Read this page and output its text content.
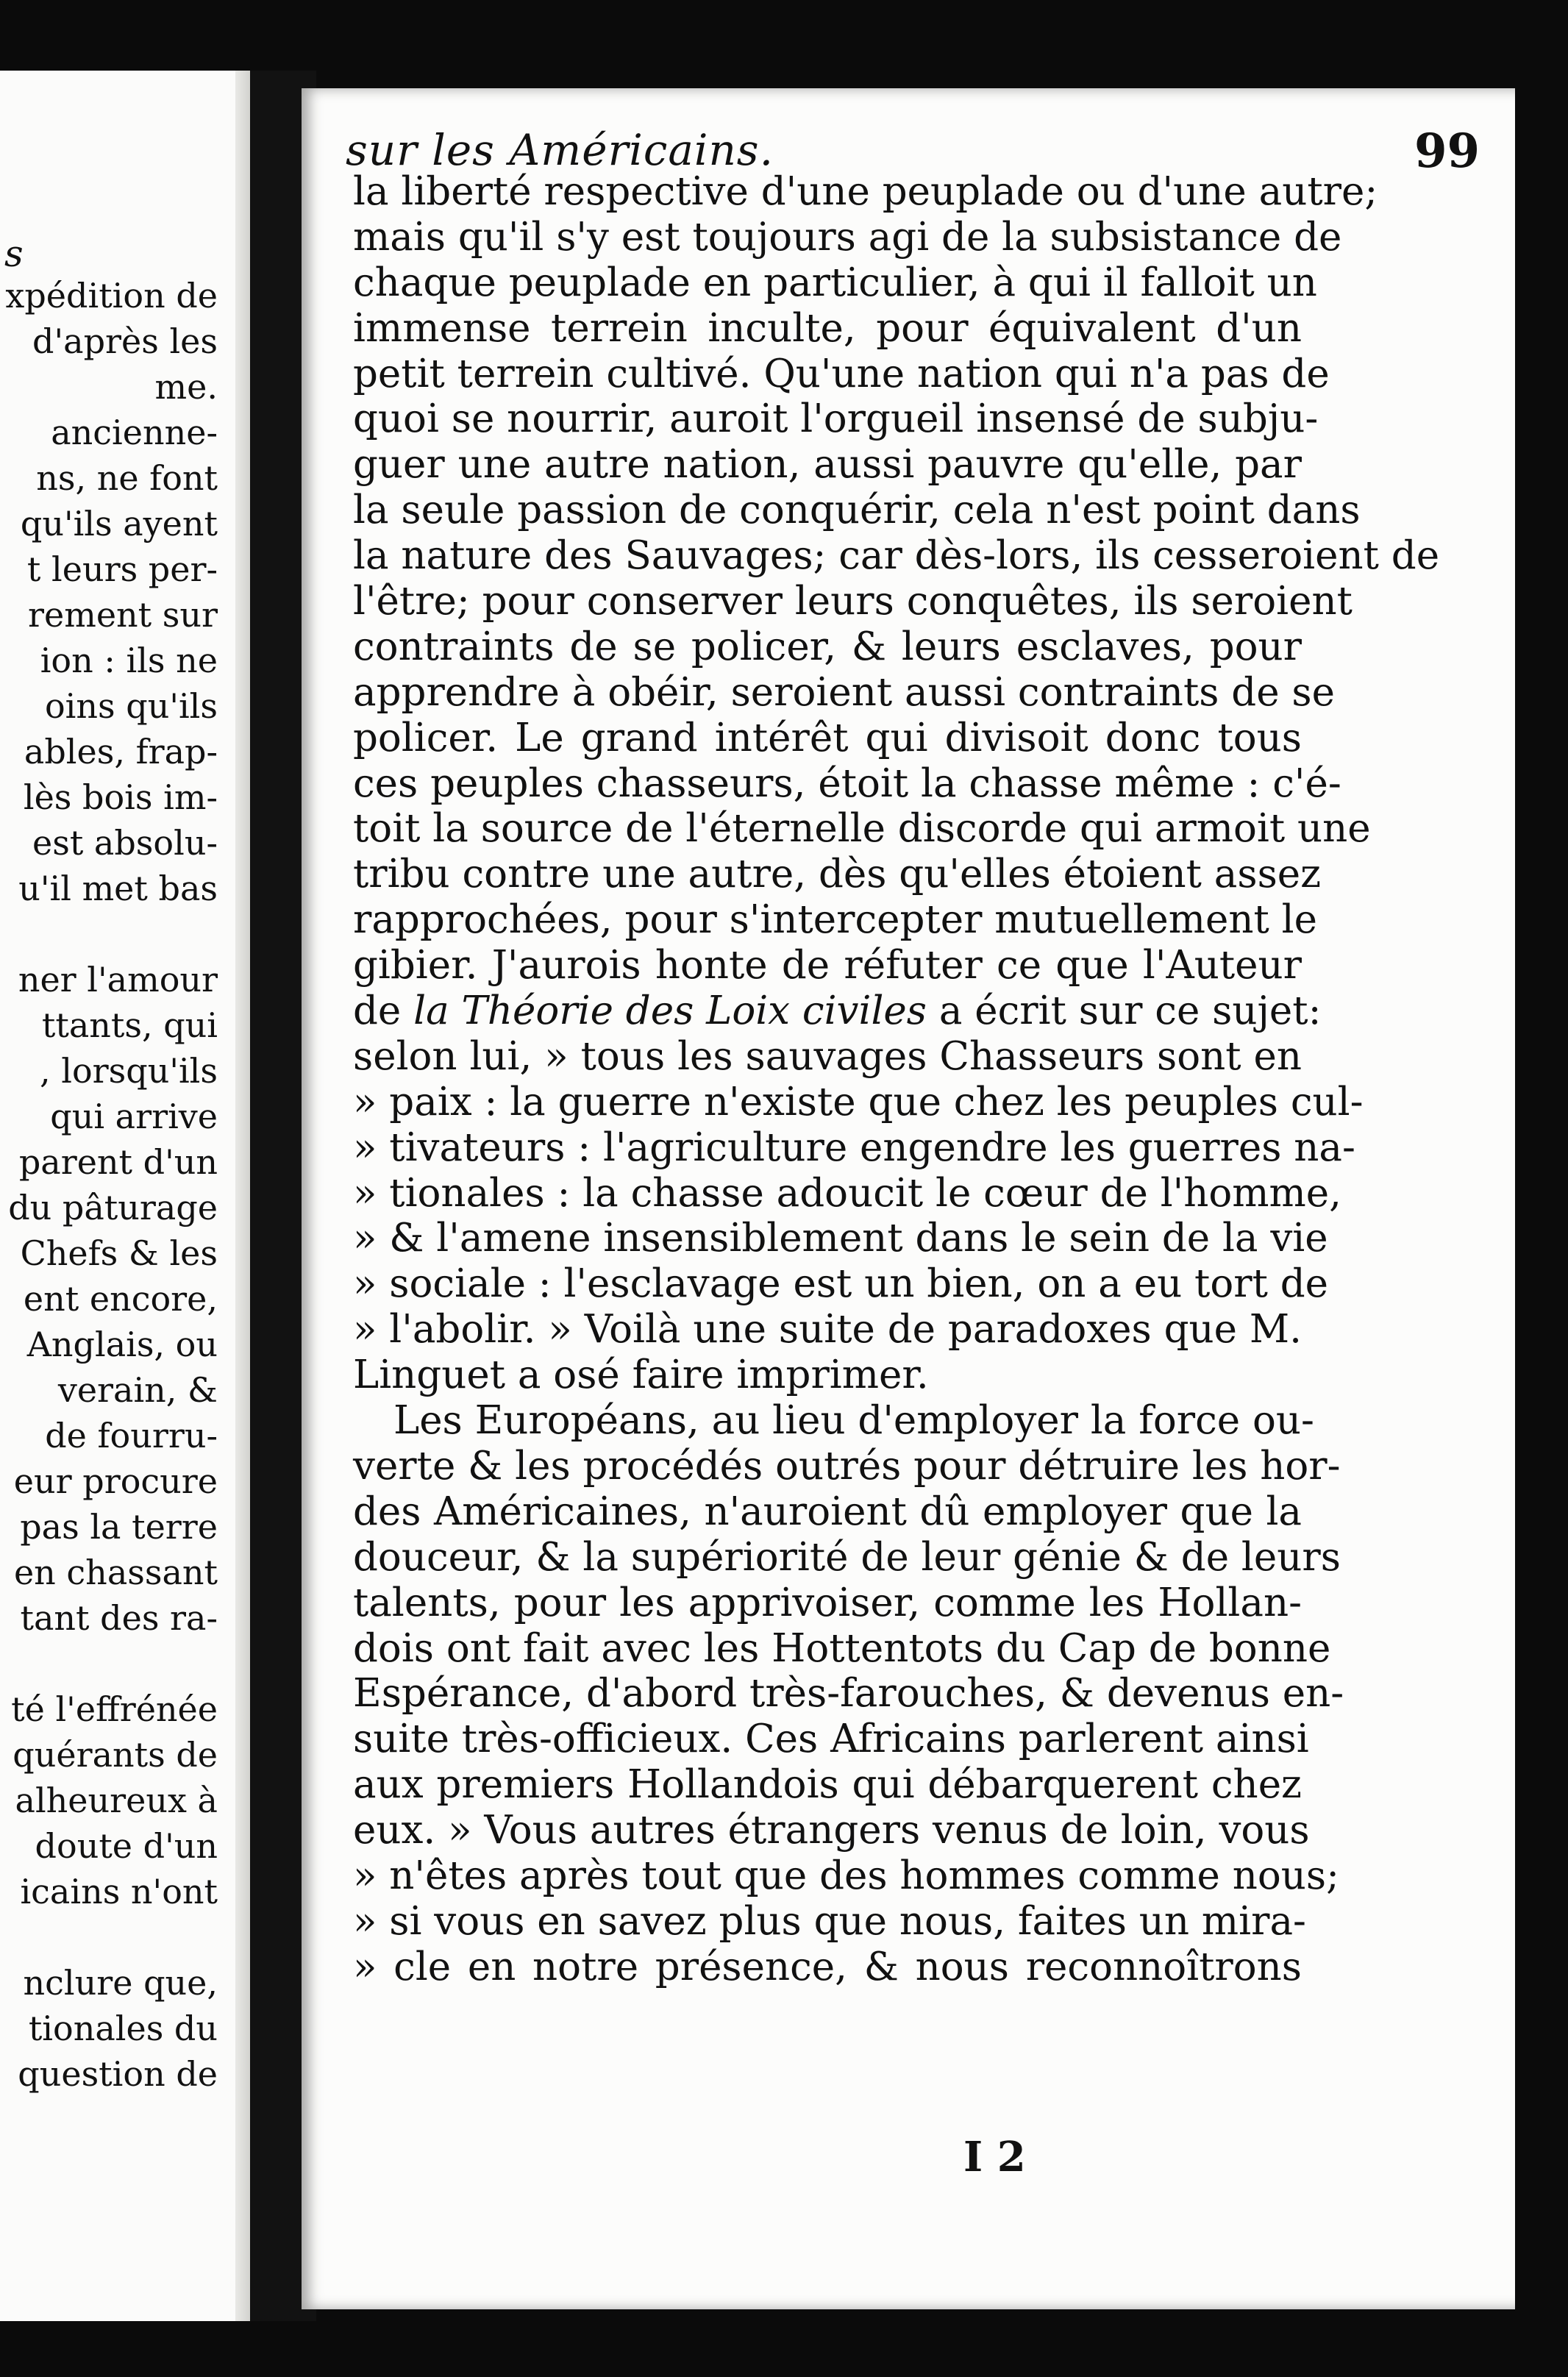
s
xpédition de
d'après les
me.
ancienne-
ns, ne font
qu'ils ayent
t leurs per-
rement sur
ion : ils ne
oins qu'ils
ables, frap-
lès bois im-
est absolu-
u'il met bas
ner l'amour
ttants, qui
, lorsqu'ils
qui arrive
parent d'un
du pâturage
Chefs & les
ent encore,
Anglais, ou
verain, &
de fourru-
eur procure
pas la terre
en chassant
tant des ra-
té l'effrénée
quérants de
alheureux à
doute d'un
icains n'ont
nclure que,
tionales du
question de
sur les Américains.	99
la liberté respective d'une peuplade ou d'une autre;
mais qu'il s'y est toujours agi de la subsistance de
chaque peuplade en particulier, à qui il falloit un
immense terrein inculte, pour équivalent d'un
petit terrein cultivé. Qu'une nation qui n'a pas de
quoi se nourrir, auroit l'orgueil insensé de subju-
guer une autre nation, aussi pauvre qu'elle, par
la seule passion de conquérir, cela n'est point dans
la nature des Sauvages; car dès-lors, ils cesseroient de
l'être; pour conserver leurs conquêtes, ils seroient
contraints de se policer, & leurs esclaves, pour
apprendre à obéir, seroient aussi contraints de se
policer. Le grand intérêt qui divisoit donc tous
ces peuples chasseurs, étoit la chasse même : c'é-
toit la source de l'éternelle discorde qui armoit une
tribu contre une autre, dès qu'elles étoient assez
rapprochées, pour s'intercepter mutuellement le
gibier. J'aurois honte de réfuter ce que l'Auteur
de la Théorie des Loix civiles a écrit sur ce sujet:
selon lui, » tous les sauvages Chasseurs sont en
» paix : la guerre n'existe que chez les peuples cul-
» tivateurs : l'agriculture engendre les guerres na-
» tionales : la chasse adoucit le cœur de l'homme,
» & l'amene insensiblement dans le sein de la vie
» sociale : l'esclavage est un bien, on a eu tort de
» l'abolir. » Voilà une suite de paradoxes que M.
Linguet a osé faire imprimer.
Les Européans, au lieu d'employer la force ou-
verte & les procédés outrés pour détruire les hor-
des Américaines, n'auroient dû employer que la
douceur, & la supériorité de leur génie & de leurs
talents, pour les apprivoiser, comme les Hollan-
dois ont fait avec les Hottentots du Cap de bonne
Espérance, d'abord très-farouches, & devenus en-
suite très-officieux. Ces Africains parlerent ainsi
aux premiers Hollandois qui débarquerent chez
eux. » Vous autres étrangers venus de loin, vous
» n'êtes après tout que des hommes comme nous;
» si vous en savez plus que nous, faites un mira-
» cle en notre présence, & nous reconnoîtrons
I 2
